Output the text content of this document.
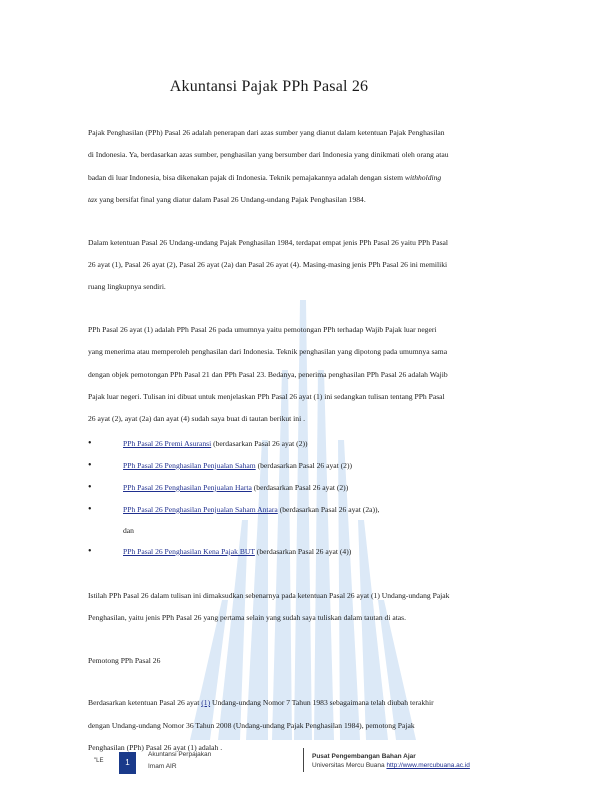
Akuntansi Pajak PPh Pasal 26

Pajak Penghasilan (PPh) Pasal 26 adalah penerapan dari azas sumber yang dianut dalam ketentuan Pajak Penghasilan di Indonesia. Ya, berdasarkan azas sumber, penghasilan yang bersumber dari Indonesia yang dinikmati oleh orang atau badan di luar Indonesia, bisa dikenakan pajak di Indonesia. Teknik pemajakannya adalah dengan sistem withholding tax yang bersifat final yang diatur dalam Pasal 26 Undang-undang Pajak Penghasilan 1984.

Dalam ketentuan Pasal 26 Undang-undang Pajak Penghasilan 1984, terdapat empat jenis PPh Pasal 26 yaitu PPh Pasal 26 ayat (1), Pasal 26 ayat (2), Pasal 26 ayat (2a) dan Pasal 26 ayat (4). Masing-masing jenis PPh Pasal 26 ini memiliki ruang lingkupnya sendiri.

PPh Pasal 26 ayat (1) adalah PPh Pasal 26 pada umumnya yaitu pemotongan PPh terhadap Wajib Pajak luar negeri yang menerima atau memperoleh penghasilan dari Indonesia. Teknik penghasilan yang dipotong pada umumnya sama dengan objek pemotongan PPh Pasal 21 dan PPh Pasal 23. Bedanya, penerima penghasilan PPh Pasal 26 adalah Wajib Pajak luar negeri. Tulisan ini dibuat untuk menjelaskan PPh Pasal 26 ayat (1) ini sedangkan tulisan tentang PPh Pasal 26 ayat (2), ayat (2a) dan ayat (4) sudah saya buat di tautan berikut ini .

•	PPh Pasal 26 Premi Asuransi (berdasarkan Pasal 26 ayat (2))
•	PPh Pasal 26 Penghasilan Penjualan Saham (berdasarkan Pasal 26 ayat (2))
•	PPh Pasal 26 Penghasilan Penjualan Harta (berdasarkan Pasal 26 ayat (2))
•	PPh Pasal 26 Penghasilan Penjualan Saham Antara (berdasarkan Pasal 26 ayat (2a)),
dan
•	PPh Pasal 26 Penghasilan Kena Pajak BUT (berdasarkan Pasal 26 ayat (4))

Istilah PPh Pasal 26 dalam tulisan ini dimaksudkan sebenarnya pada ketentuan Pasal 26 ayat (1) Undang-undang Pajak Penghasilan, yaitu jenis PPh Pasal 26 yang pertama selain yang sudah saya tuliskan dalam tautan di atas.

Pemotong PPh Pasal 26

Berdasarkan ketentuan Pasal 26 ayat (1) Undang-undang Nomor 7 Tahun 1983 sebagaimana telah diubah terakhir dengan Undang-undang Nomor 36 Tahun 2008 (Undang-undang Pajak Penghasilan 1984), pemotong Pajak Penghasilan (PPh) Pasal 26 ayat (1) adalah .

"LE	1
Akuntansi Perpajakan
Imam AIR
Pusat Pengembangan Bahan Ajar
Universitas Mercu Buana http://www.mercubuana.ac.id
